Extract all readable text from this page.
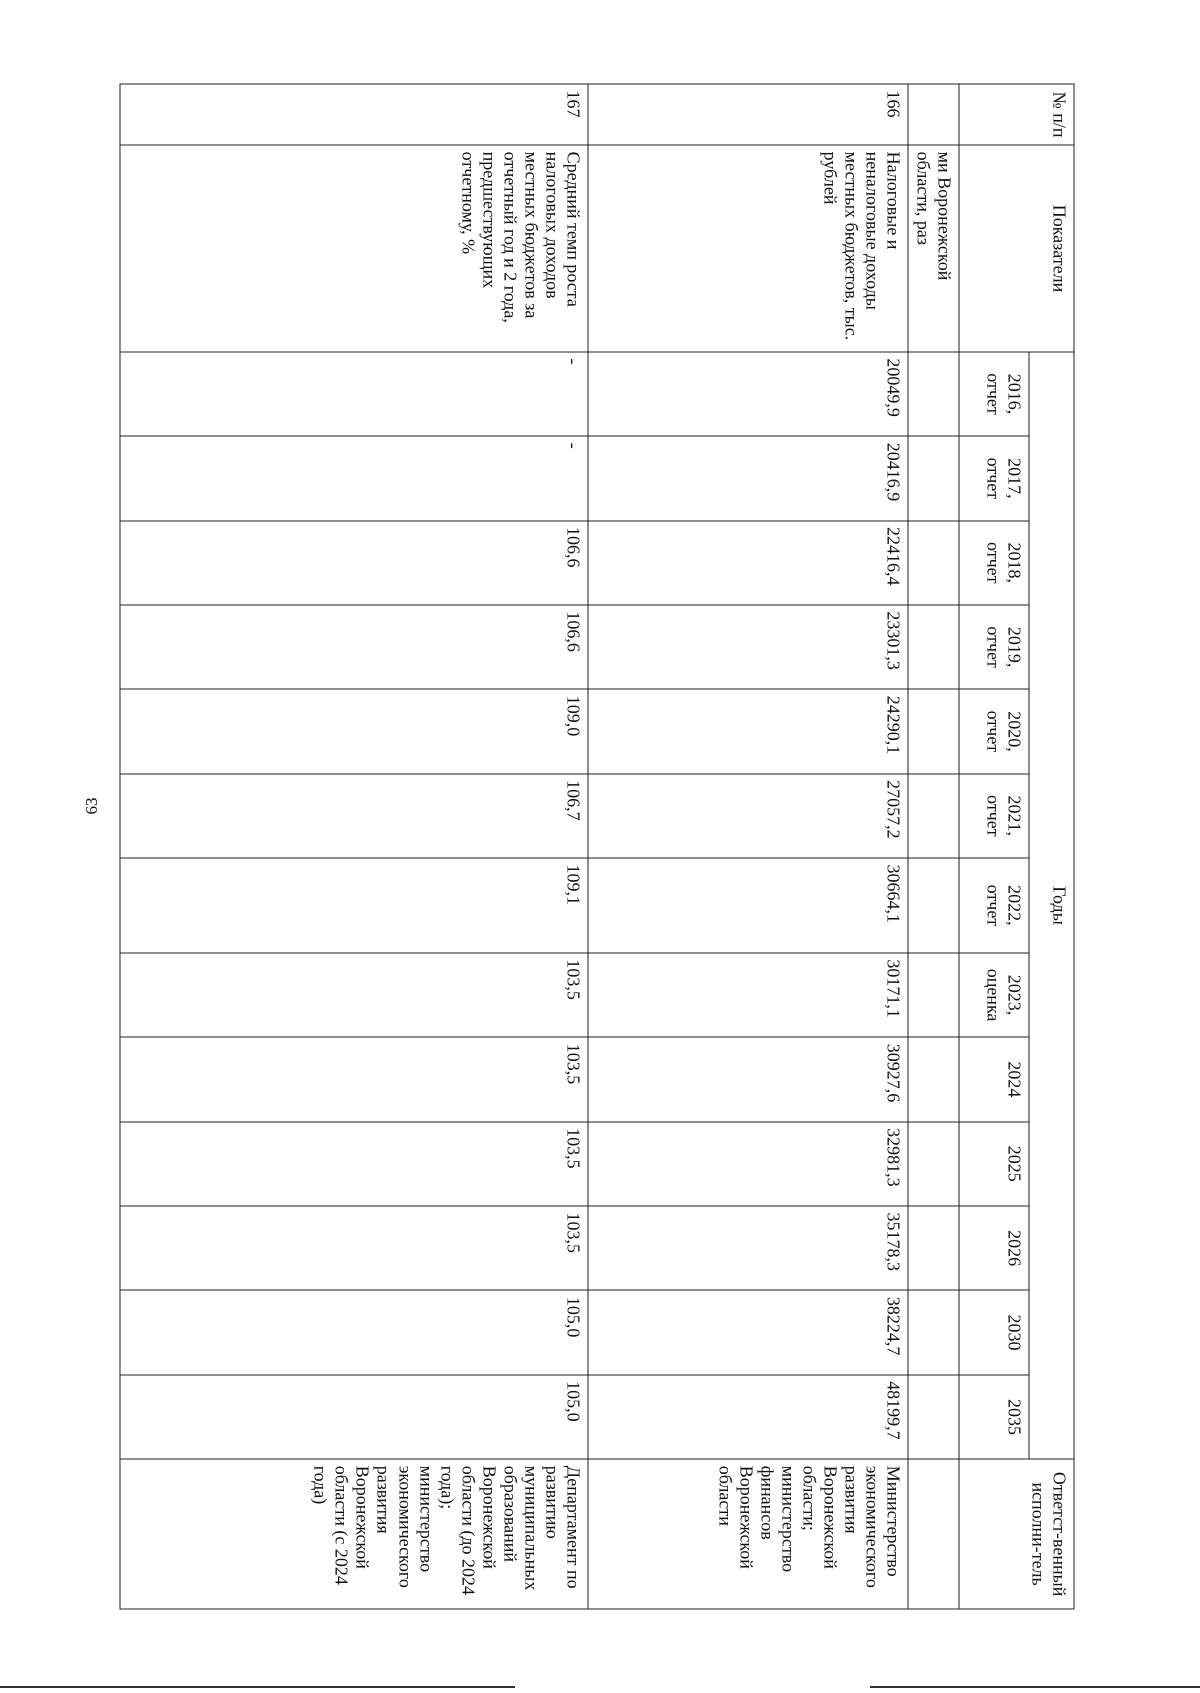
63
№ п/п	Показатели	Годы													Ответст-венный исполни-тель
		2016, отчет	2017, отчет	2018, отчет	2019, отчет	2020, отчет	2021, отчет	2022, отчет	2023, оценка	2024	2025	2026	2030	2035	
	ми Воронежской области, раз														
166	Налоговые и неналоговые доходы местных бюджетов, тыс. рублей	20049,9	20416,9	22416,4	23301,3	24290,1	27057,2	30664,1	30171,1	30927,6	32981,3	35178,3	38224,7	48199,7	Министерство экономического развития Воронежской области; министерство финансов Воронежской области
167	Средний темп роста налоговых доходов местных бюджетов за отчетный год и 2 года, предшествующих отчетному, %	-	-	106,6	106,6	109,0	106,7	109,1	103,5	103,5	103,5	103,5	105,0	105,0	Департамент по развитию муниципальных образований Воронежской области (до 2024 года); министерство экономического развития Воронежской области (с 2024 года)
